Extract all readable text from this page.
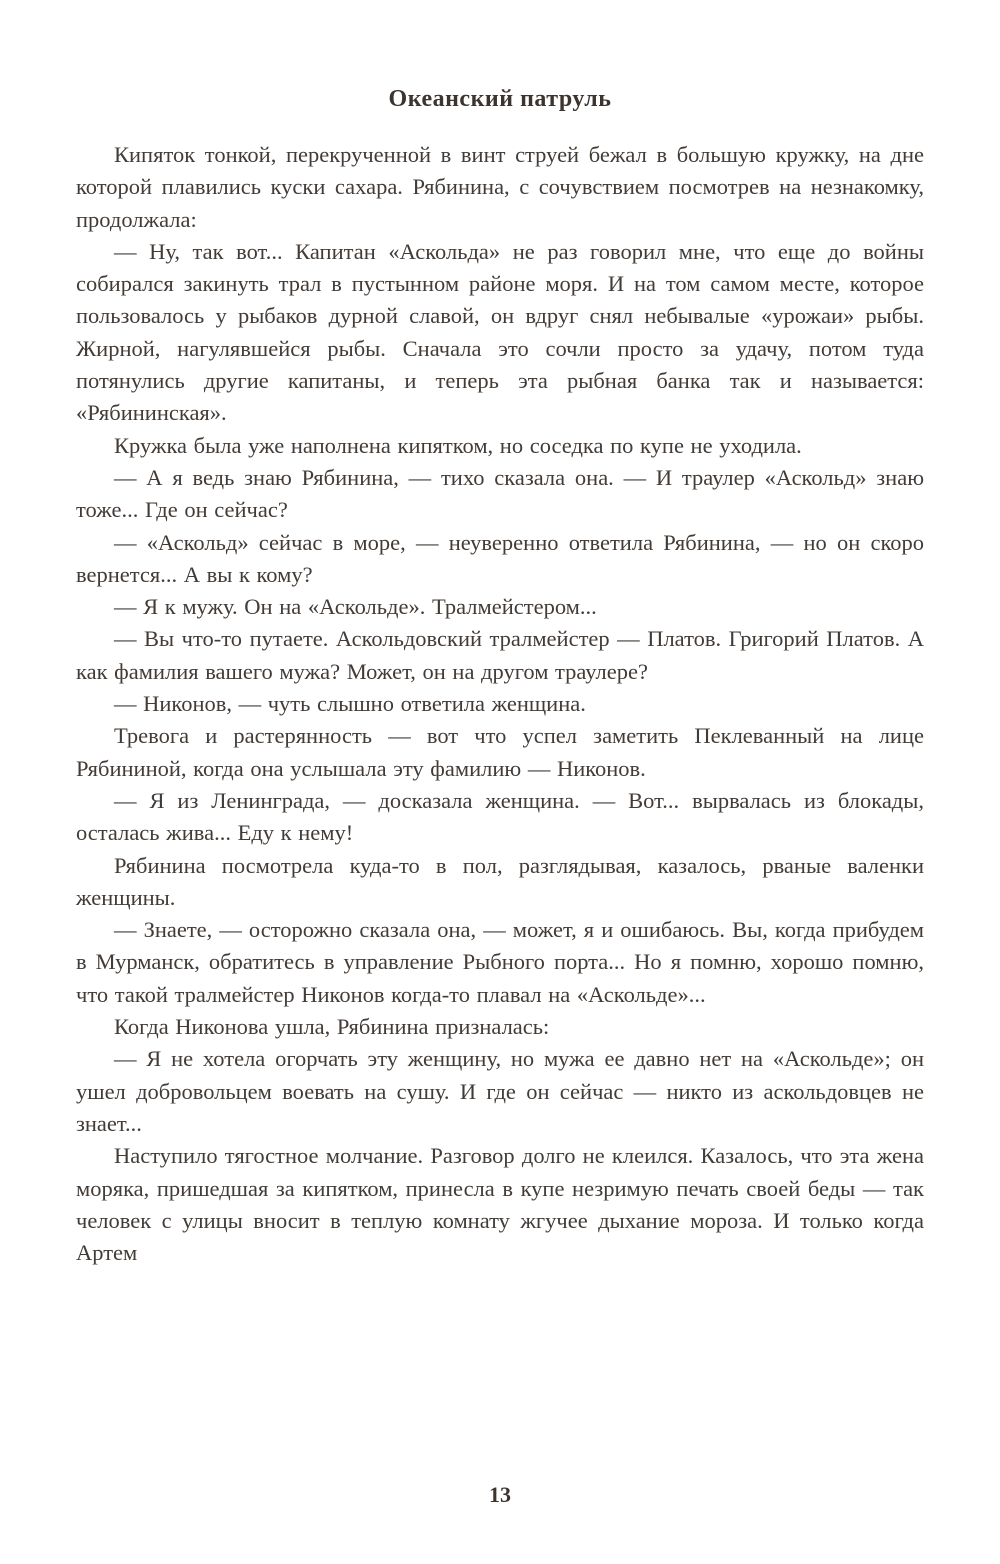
Океанский патруль

Кипяток тонкой, перекрученной в винт струей бежал в большую кружку, на дне которой плавились куски сахара. Рябинина, с сочувствием посмотрев на незнакомку, продолжала:

— Ну, так вот... Капитан «Аскольда» не раз говорил мне, что еще до войны собирался закинуть трал в пустынном районе моря. И на том самом месте, которое пользовалось у рыбаков дурной славой, он вдруг снял небывалые «урожаи» рыбы. Жирной, нагулявшейся рыбы. Сначала это сочли просто за удачу, потом туда потянулись другие капитаны, и теперь эта рыбная банка так и называется: «Рябининская».

Кружка была уже наполнена кипятком, но соседка по купе не уходила.

— А я ведь знаю Рябинина, — тихо сказала она. — И траулер «Аскольд» знаю тоже... Где он сейчас?

— «Аскольд» сейчас в море, — неуверенно ответила Рябинина, — но он скоро вернется... А вы к кому?

— Я к мужу. Он на «Аскольде». Тралмейстером...

— Вы что-то путаете. Аскольдовский тралмейстер — Платов. Григорий Платов. А как фамилия вашего мужа? Может, он на другом траулере?

— Никонов, — чуть слышно ответила женщина.

Тревога и растерянность — вот что успел заметить Пеклеванный на лице Рябининой, когда она услышала эту фамилию — Никонов.

— Я из Ленинграда, — досказала женщина. — Вот... вырвалась из блокады, осталась жива... Еду к нему!

Рябинина посмотрела куда-то в пол, разглядывая, казалось, рваные валенки женщины.

— Знаете, — осторожно сказала она, — может, я и ошибаюсь. Вы, когда прибудем в Мурманск, обратитесь в управление Рыбного порта... Но я помню, хорошо помню, что такой тралмейстер Никонов когда-то плавал на «Аскольде»...

Когда Никонова ушла, Рябинина призналась:

— Я не хотела огорчать эту женщину, но мужа ее давно нет на «Аскольде»; он ушел добровольцем воевать на сушу. И где он сейчас — никто из аскольдовцев не знает...

Наступило тягостное молчание. Разговор долго не клеился. Казалось, что эта жена моряка, пришедшая за кипятком, принесла в купе незримую печать своей беды — так человек с улицы вносит в теплую комнату жгучее дыхание мороза. И только когда Артем

13
